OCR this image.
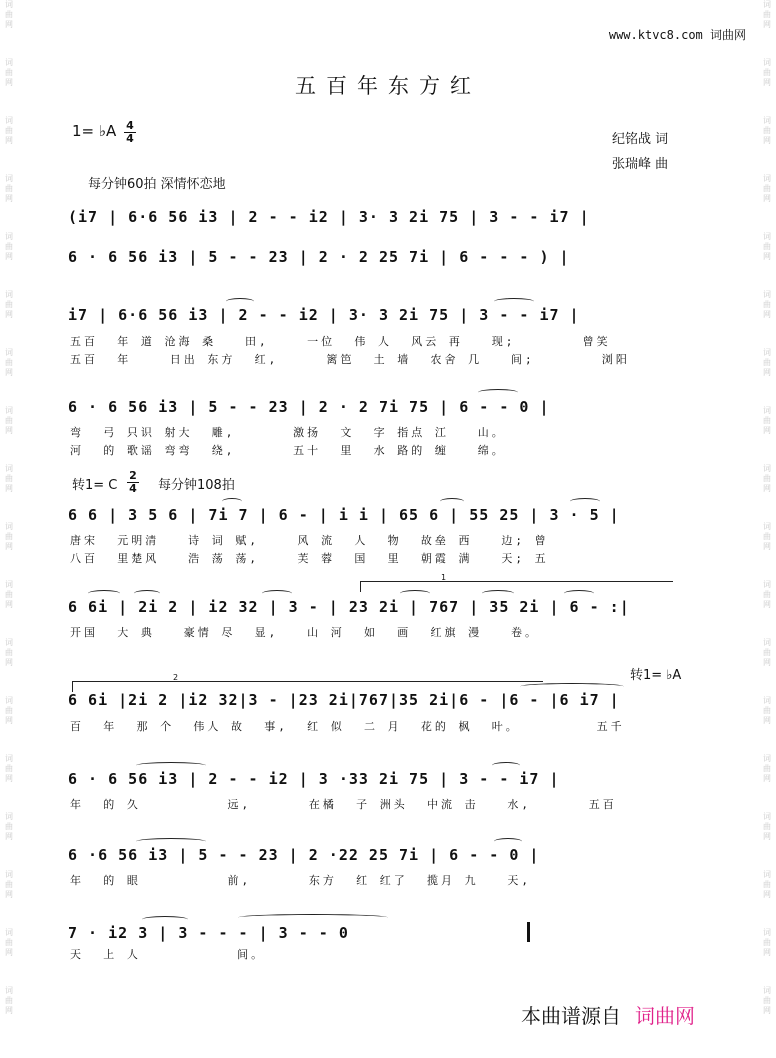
词曲网
词曲网
词曲网
词曲网
词曲网
词曲网
词曲网
词曲网
词曲网
词曲网
词曲网
词曲网
词曲网
词曲网
词曲网
词曲网
词曲网
词曲网
词曲网
词曲网
词曲网
词曲网
词曲网
词曲网
词曲网
词曲网
词曲网
词曲网
词曲网
词曲网
词曲网
词曲网
词曲网
词曲网
词曲网
词曲网
www.ktvc8.com 词曲网
五百年东方红
1= ♭A 4
4	纪铭战 词
张瑞峰 曲
每分钟60拍 深情怀恋地
(i7 | 6·6 56 i3 | 2 - - i2 | 3· 3 2i 75 | 3 - - i7 |
6 · 6 56 i3 | 5 - - 23 | 2 · 2 25 7i | 6 - - - ) |
i7 | 6·6 56 i3 | 2 - - i2 | 3· 3 2i 75 | 3 - - i7 |
五百  年 道 沧海 桑   田,    一位  伟 人  风云 再   现;       曾笑
五百  年    日出 东方  红,     篱笆  土 墙  农舍 几   间;       浏阳
6 · 6 56 i3 | 5 - - 23 | 2 · 2 7i 75 | 6 - - 0 |
弯  弓 只识 射大  雕,      激扬  文  字 指点 江   山。
河  的 歌谣 弯弯  绕,      五十  里  水 路的 缠   绵。
转1= C
2
4 每分钟108拍
6 6 | 3 5 6 | 7i 7 | 6 - | i i | 65 6 | 55 25 | 3 · 5 |
唐宋  元明清   诗 词 赋,    风 流  人  物  故垒 西   边; 曾
八百  里楚风   浩 荡 荡,    芙 蓉  国  里  朝霞 满   天; 五
1
6 6i | 2i 2 | i2 32 | 3 - | 23 2i | 767 | 35 2i | 6 - :|
开国  大 典   豪情 尽  显,   山 河  如  画  红旗 漫   卷。
2	转1= ♭A
6 6i |2i 2 |i2 32|3 - |23 2i|767|35 2i|6 - |6 - |6 i7 |
百  年  那 个  伟人 故  事,  红 似  二 月  花的 枫  叶。        五千
6 · 6 56 i3 | 2 - - i2 | 3 ·33 2i 75 | 3 - - i7 |
年  的 久         远,      在橘  子 洲头  中流 击   水,      五百
6 ·6 56 i3 | 5 - - 23 | 2 ·22 25 7i | 6 - - 0 |
年  的 眼         前,      东方  红 红了  揽月 九   天,
7 · i2 3 | 3 - - - | 3 - - 0
天  上 人          间。
本曲谱源自 词曲网
